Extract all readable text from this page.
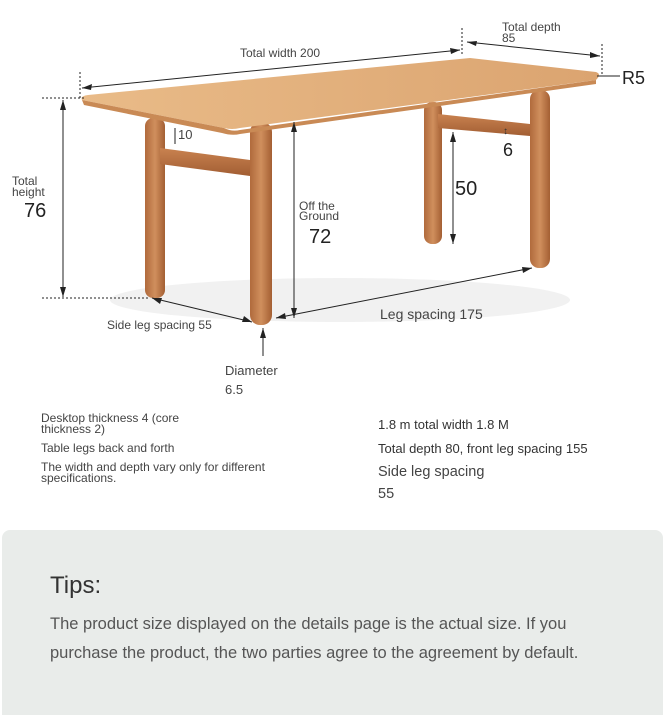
↕
Total width 200
Total depth
85
R5
Total
height
76
10
6
50
Off the
Ground
72
Side leg spacing 55
Leg spacing 175
Diameter
6.5
Desktop thickness 4 (core thickness 2)
Table legs back and forth
The width and depth vary only for different specifications.
1.8 m total width 1.8 M
Total depth 80, front leg spacing 155
Side leg spacing
55
Tips:
The product size displayed on the details page is the actual size. If you purchase the product, the two parties agree to the agreement by default.
